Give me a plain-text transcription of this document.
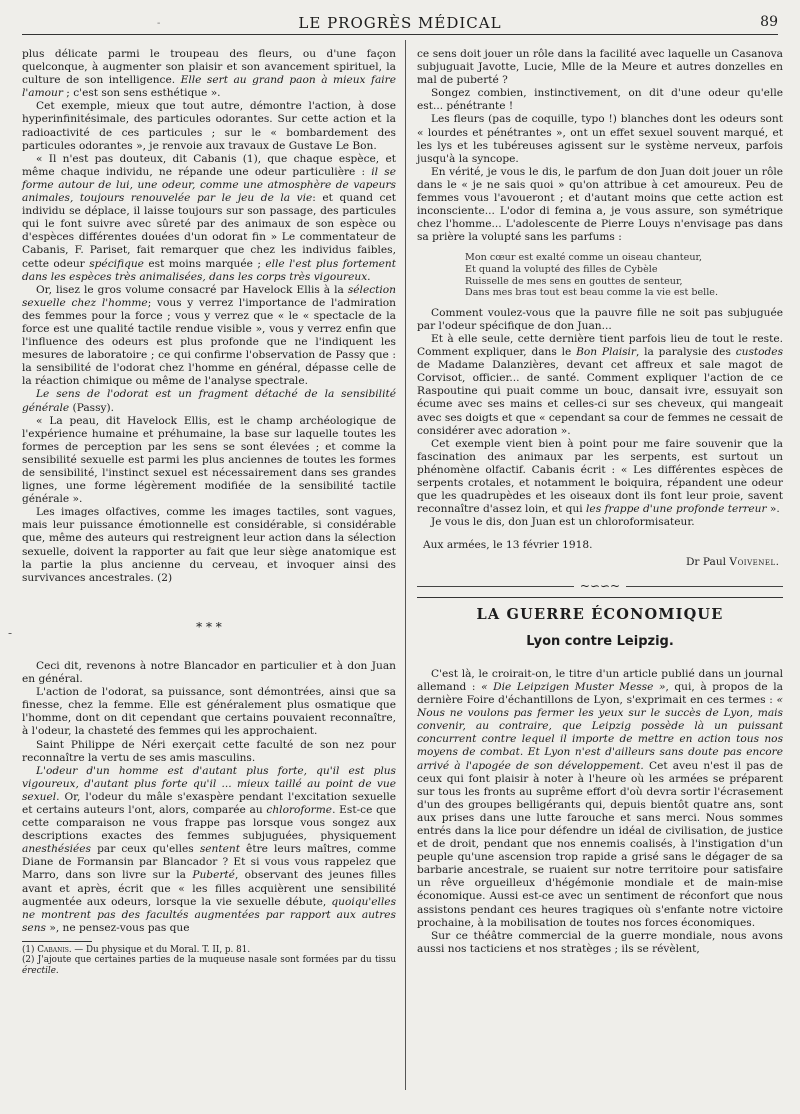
-	LE PROGRÈS MÉDICAL	89

plus délicate parmi le troupeau des fleurs, ou d'une façon quelconque, à augmenter son plaisir et son avancement spirituel, la culture de son intelligence. Elle sert au grand paon à mieux faire l'amour ; c'est son sens esthétique ».

Cet exemple, mieux que tout autre, démontre l'action, à dose hyperinfinitésimale, des particules odorantes. Sur cette action et la radioactivité de ces particules ; sur le « bombardement des particules odorantes », je renvoie aux travaux de Gustave Le Bon.

« Il n'est pas douteux, dit Cabanis (1), que chaque espèce, et même chaque individu, ne répande une odeur particulière : il se forme autour de lui, une odeur, comme une atmosphère de vapeurs animales, toujours renouvelée par le jeu de la vie: et quand cet individu se déplace, il laisse toujours sur son passage, des particules qui le font suivre avec sûreté par des animaux de son espèce ou d'espèces différentes douées d'un odorat fin » Le commentateur de Cabanis, F. Pariset, fait remarquer que chez les individus faibles, cette odeur spécifique est moins marquée ; elle l'est plus fortement dans les espèces très animalisées, dans les corps très vigoureux.

Or, lisez le gros volume consacré par Havelock Ellis à la sélection sexuelle chez l'homme; vous y verrez l'importance de l'admiration des femmes pour la force ; vous y verrez que « le « spectacle de la force est une qualité tactile rendue visible », vous y verrez enfin que l'influence des odeurs est plus profonde que ne l'indiquent les mesures de laboratoire ; ce qui confirme l'observation de Passy que : la sensibilité de l'odorat chez l'homme en général, dépasse celle de la réaction chimique ou même de l'analyse spectrale.

Le sens de l'odorat est un fragment détaché de la sensibilité générale (Passy).

« La peau, dit Havelock Ellis, est le champ archéologique de l'expérience humaine et préhumaine, la base sur laquelle toutes les formes de perception par les sens se sont élevées ; et comme la sensibilité sexuelle est parmi les plus anciennes de toutes les formes de sensibilité, l'instinct sexuel est nécessairement dans ses grandes lignes, une forme légèrement modifiée de la sensibilité tactile générale ».

Les images olfactives, comme les images tactiles, sont vagues, mais leur puissance émotionnelle est considérable, si considérable que, même des auteurs qui restreignent leur action dans la sélection sexuelle, doivent la rapporter au fait que leur siège anatomique est la partie la plus ancienne du cerveau, et invoquer ainsi des survivances ancestrales. (2)

-	* * *

Ceci dit, revenons à notre Blancador en particulier et à don Juan en général.

L'action de l'odorat, sa puissance, sont démontrées, ainsi que sa finesse, chez la femme. Elle est généralement plus osmatique que l'homme, dont on dit cependant que certains pouvaient reconnaître, à l'odeur, la chasteté des femmes qui les approchaient.

Saint Philippe de Néri exerçait cette faculté de son nez pour reconnaître la vertu de ses amis masculins.

L'odeur d'un homme est d'autant plus forte, qu'il est plus vigoureux, d'autant plus forte qu'il ... mieux taillé au point de vue sexuel. Or, l'odeur du mâle s'exaspère pendant l'excitation sexuelle et certains auteurs l'ont, alors, comparée au chloroforme. Est-ce que cette comparaison ne vous frappe pas lorsque vous songez aux descriptions exactes des femmes subjuguées, physiquement anesthésiées par ceux qu'elles sentent être leurs maîtres, comme Diane de Formansin par Blancador ? Et si vous vous rappelez que Marro, dans son livre sur la Puberté, observant des jeunes filles avant et après, écrit que « les filles acquièrent une sensibilité augmentée aux odeurs, lorsque la vie sexuelle débute, quoiqu'elles ne montrent pas des facultés augmentées par rapport aux autres sens », ne pensez-vous pas que

(1) Cabanis. — Du physique et du Moral. T. II, p. 81.

(2) J'ajoute que certaines parties de la muqueuse nasale sont formées par du tissu érectile.

ce sens doit jouer un rôle dans la facilité avec laquelle un Casanova subjuguait Javotte, Lucie, Mlle de la Meure et autres donzelles en mal de puberté ?

Songez combien, instinctivement, on dit d'une odeur qu'elle est... pénétrante !

Les fleurs (pas de coquille, typo !) blanches dont les odeurs sont « lourdes et pénétrantes », ont un effet sexuel souvent marqué, et les lys et les tubéreuses agissent sur le système nerveux, parfois jusqu'à la syncope.

En vérité, je vous le dis, le parfum de don Juan doit jouer un rôle dans le « je ne sais quoi » qu'on attribue à cet amoureux. Peu de femmes vous l'avoueront ; et d'autant moins que cette action est inconsciente... L'odor di femina a, je vous assure, son symétrique chez l'homme... L'adolescente de Pierre Louys n'envisage pas dans sa prière la volupté sans les parfums :

Mon cœur est exalté comme un oiseau chanteur,
Et quand la volupté des filles de Cybèle
Ruisselle de mes sens en gouttes de senteur,
Dans mes bras tout est beau comme la vie est belle.

Comment voulez-vous que la pauvre fille ne soit pas subjuguée par l'odeur spécifique de don Juan...

Et à elle seule, cette dernière tient parfois lieu de tout le reste. Comment expliquer, dans le Bon Plaisir, la paralysie des custodes de Madame Dalanzières, devant cet affreux et sale magot de Corvisot, officier... de santé. Comment expliquer l'action de ce Raspoutine qui puait comme un bouc, dansait ivre, essuyait son écume avec ses mains et celles-ci sur ses cheveux, qui mangeait avec ses doigts et que « cependant sa cour de femmes ne cessait de considérer avec adoration ».

Cet exemple vient bien à point pour me faire souvenir que la fascination des animaux par les serpents, est surtout un phénomène olfactif. Cabanis écrit : « Les différentes espèces de serpents crotales, et notamment le boiquira, répandent une odeur que les quadrupèdes et les oiseaux dont ils font leur proie, savent reconnaître d'assez loin, et qui les frappe d'une profonde terreur ».

Je vous le dis, don Juan est un chloroformisateur.

Aux armées, le 13 février 1918.

Dr Paul Voivenel.
~∽∽~
LA GUERRE ÉCONOMIQUE
Lyon contre Leipzig.

C'est là, le croirait-on, le titre d'un article publié dans un journal allemand : « Die Leipzigen Muster Messe », qui, à propos de la dernière Foire d'échantillons de Lyon, s'exprimait en ces termes : « Nous ne voulons pas fermer les yeux sur le succès de Lyon, mais convenir, au contraire, que Leipzig possède là un puissant concurrent contre lequel il importe de mettre en action tous nos moyens de combat. Et Lyon n'est d'ailleurs sans doute pas encore arrivé à l'apogée de son développement. Cet aveu n'est il pas de ceux qui font plaisir à noter à l'heure où les armées se préparent sur tous les fronts au suprême effort d'où devra sortir l'écrasement d'un des groupes belligérants qui, depuis bientôt quatre ans, sont aux prises dans une lutte farouche et sans merci. Nous sommes entrés dans la lice pour défendre un idéal de civilisation, de justice et de droit, pendant que nos ennemis coalisés, à l'instigation d'un peuple qu'une ascension trop rapide a grisé sans le dégager de sa barbarie ancestrale, se ruaient sur notre territoire pour satisfaire un rêve orgueilleux d'hégémonie mondiale et de main-mise économique. Aussi est-ce avec un sentiment de réconfort que nous assistons pendant ces heures tragiques où s'enfante notre victoire prochaine, à la mobilisation de toutes nos forces économiques.

Sur ce théâtre commercial de la guerre mondiale, nous avons aussi nos tacticiens et nos stratèges ; ils se révèlent,
